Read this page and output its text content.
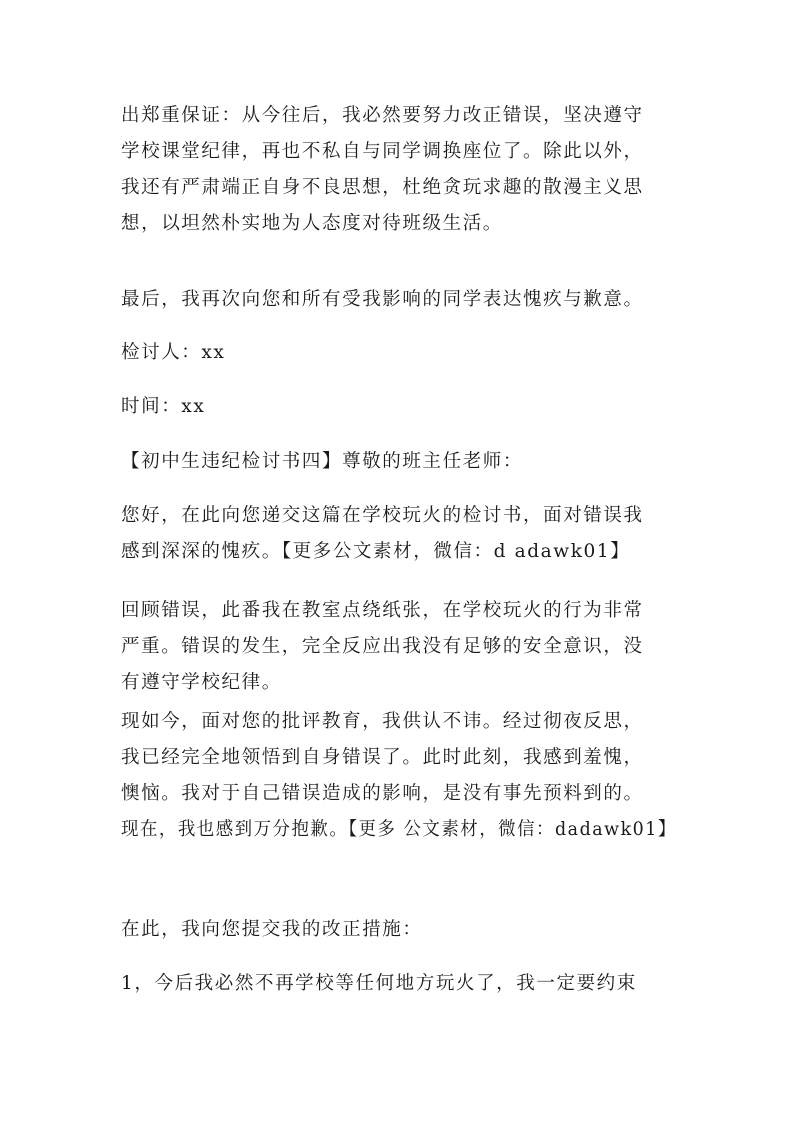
出郑重保证：从今往后，我必然要努力改正错误，坚决遵守
学校课堂纪律，再也不私自与同学调换座位了。除此以外，
我还有严肃端正自身不良思想，杜绝贪玩求趣的散漫主义思
想，以坦然朴实地为人态度对待班级生活。
最后，我再次向您和所有受我影响的同学表达愧疚与歉意。
检讨人：xx
时间：xx
【初中生违纪检讨书四】尊敬的班主任老师：
您好，在此向您递交这篇在学校玩火的检讨书，面对错误我
感到深深的愧疚。【更多公文素材，微信：d adawk01】
回顾错误，此番我在教室点绕纸张，在学校玩火的行为非常
严重。错误的发生，完全反应出我没有足够的安全意识，没
有遵守学校纪律。
现如今，面对您的批评教育，我供认不讳。经过彻夜反思，
我已经完全地领悟到自身错误了。此时此刻，我感到羞愧，
懊恼。我对于自己错误造成的影响，是没有事先预料到的。
现在，我也感到万分抱歉。【更多 公文素材，微信：dadawk01】
在此，我向您提交我的改正措施：
1，今后我必然不再学校等任何地方玩火了，我一定要约束
